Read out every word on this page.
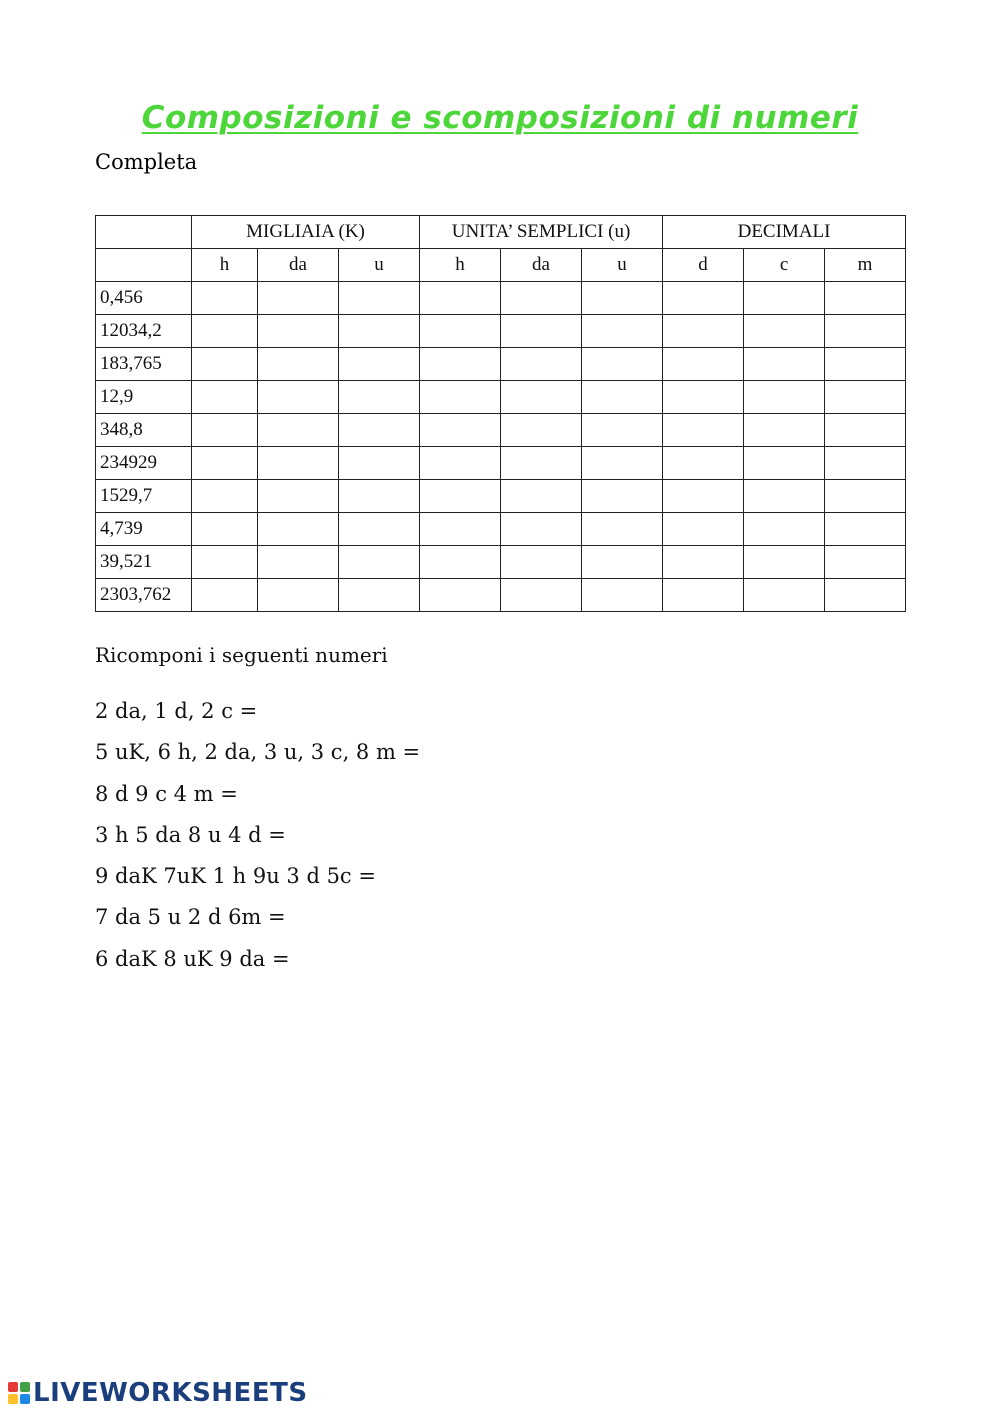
Composizioni e scomposizioni di numeri
Completa
	MIGLIAIA (K)			UNITA’ SEMPLICI (u)			DECIMALI		
	h	da	u	h	da	u	d	c	m
0,456									
12034,2									
183,765									
12,9									
348,8									
234929									
1529,7									
4,739									
39,521									
2303,762									

Ricomponi i seguenti numeri

2 da, 1 d, 2 c =
5 uK, 6 h, 2 da, 3 u, 3 c, 8 m =
8 d 9 c 4 m =
3 h 5 da 8 u 4 d =
9 daK 7uK 1 h 9u 3 d 5c =
7 da 5 u 2 d 6m =
6 daK 8 uK 9 da =
LIVEWORKSHEETS
